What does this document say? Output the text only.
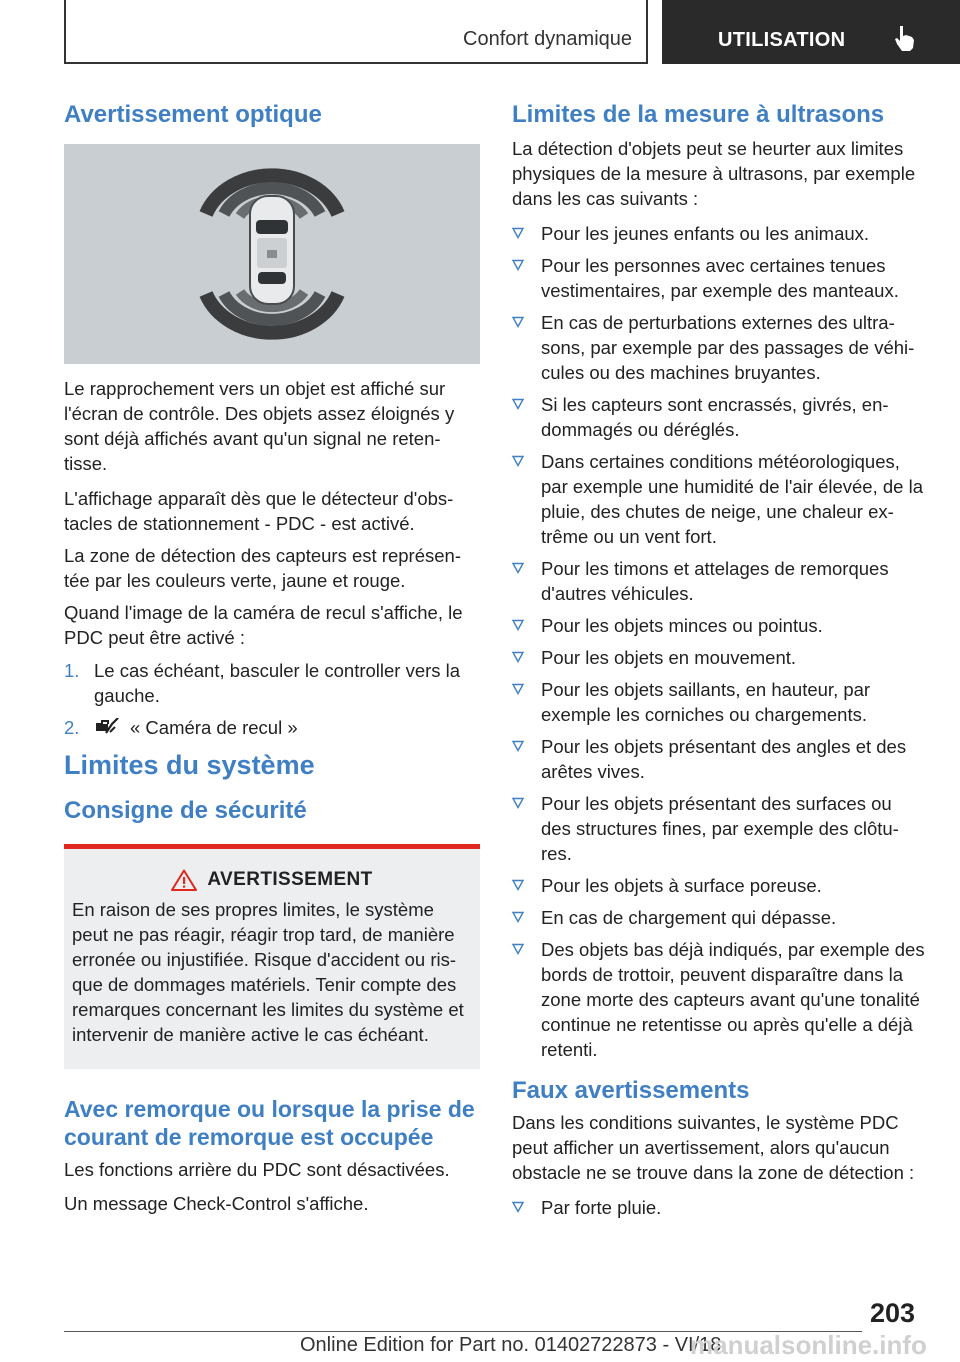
Confort dynamique	UTILISATION
Avertissement optique

Le rapprochement vers un objet est affiché sur l'écran de contrôle. Des objets assez éloignés y sont déjà affichés avant qu'un signal ne reten-tisse.

L'affichage apparaît dès que le détecteur d'obs-tacles de stationnement - PDC - est activé.

La zone de détection des capteurs est représen-tée par les couleurs verte, jaune et rouge.

Quand l'image de la caméra de recul s'affiche, le PDC peut être activé :

1. Le cas échéant, basculer le controller vers la gauche.
2.	« Caméra de recul »
Limites du système
Consigne de sécurité
AVERTISSEMENT

En raison de ses propres limites, le système peut ne pas réagir, réagir trop tard, de manière erronée ou injustifiée. Risque d'accident ou ris-que de dommages matériels. Tenir compte des remarques concernant les limites du système et intervenir de manière active le cas échéant.

Avec remorque ou lorsque la prise de courant de remorque est occupée

Les fonctions arrière du PDC sont désactivées.

Un message Check-Control s'affiche.

Limites de la mesure à ultrasons

La détection d'objets peut se heurter aux limites physiques de la mesure à ultrasons, par exemple dans les cas suivants :

Pour les jeunes enfants ou les animaux.
Pour les personnes avec certaines tenues vestimentaires, par exemple des manteaux.
En cas de perturbations externes des ultra-sons, par exemple par des passages de véhi-cules ou des machines bruyantes.
Si les capteurs sont encrassés, givrés, en-dommagés ou déréglés.
Dans certaines conditions météorologiques, par exemple une humidité de l'air élevée, de la pluie, des chutes de neige, une chaleur ex-trême ou un vent fort.
Pour les timons et attelages de remorques d'autres véhicules.
Pour les objets minces ou pointus.
Pour les objets en mouvement.
Pour les objets saillants, en hauteur, par exemple les corniches ou chargements.
Pour les objets présentant des angles et des arêtes vives.
Pour les objets présentant des surfaces ou des structures fines, par exemple des clôtu-res.
Pour les objets à surface poreuse.
En cas de chargement qui dépasse.
Des objets bas déjà indiqués, par exemple des bords de trottoir, peuvent disparaître dans la zone morte des capteurs avant qu'une tonalité continue ne retentisse ou après qu'elle a déjà retenti.
Faux avertissements

Dans les conditions suivantes, le système PDC peut afficher un avertissement, alors qu'aucun obstacle ne se trouve dans la zone de détection :

Par forte pluie.
203
Online Edition for Part no. 01402722873 - VI/18
manualsonline.info
